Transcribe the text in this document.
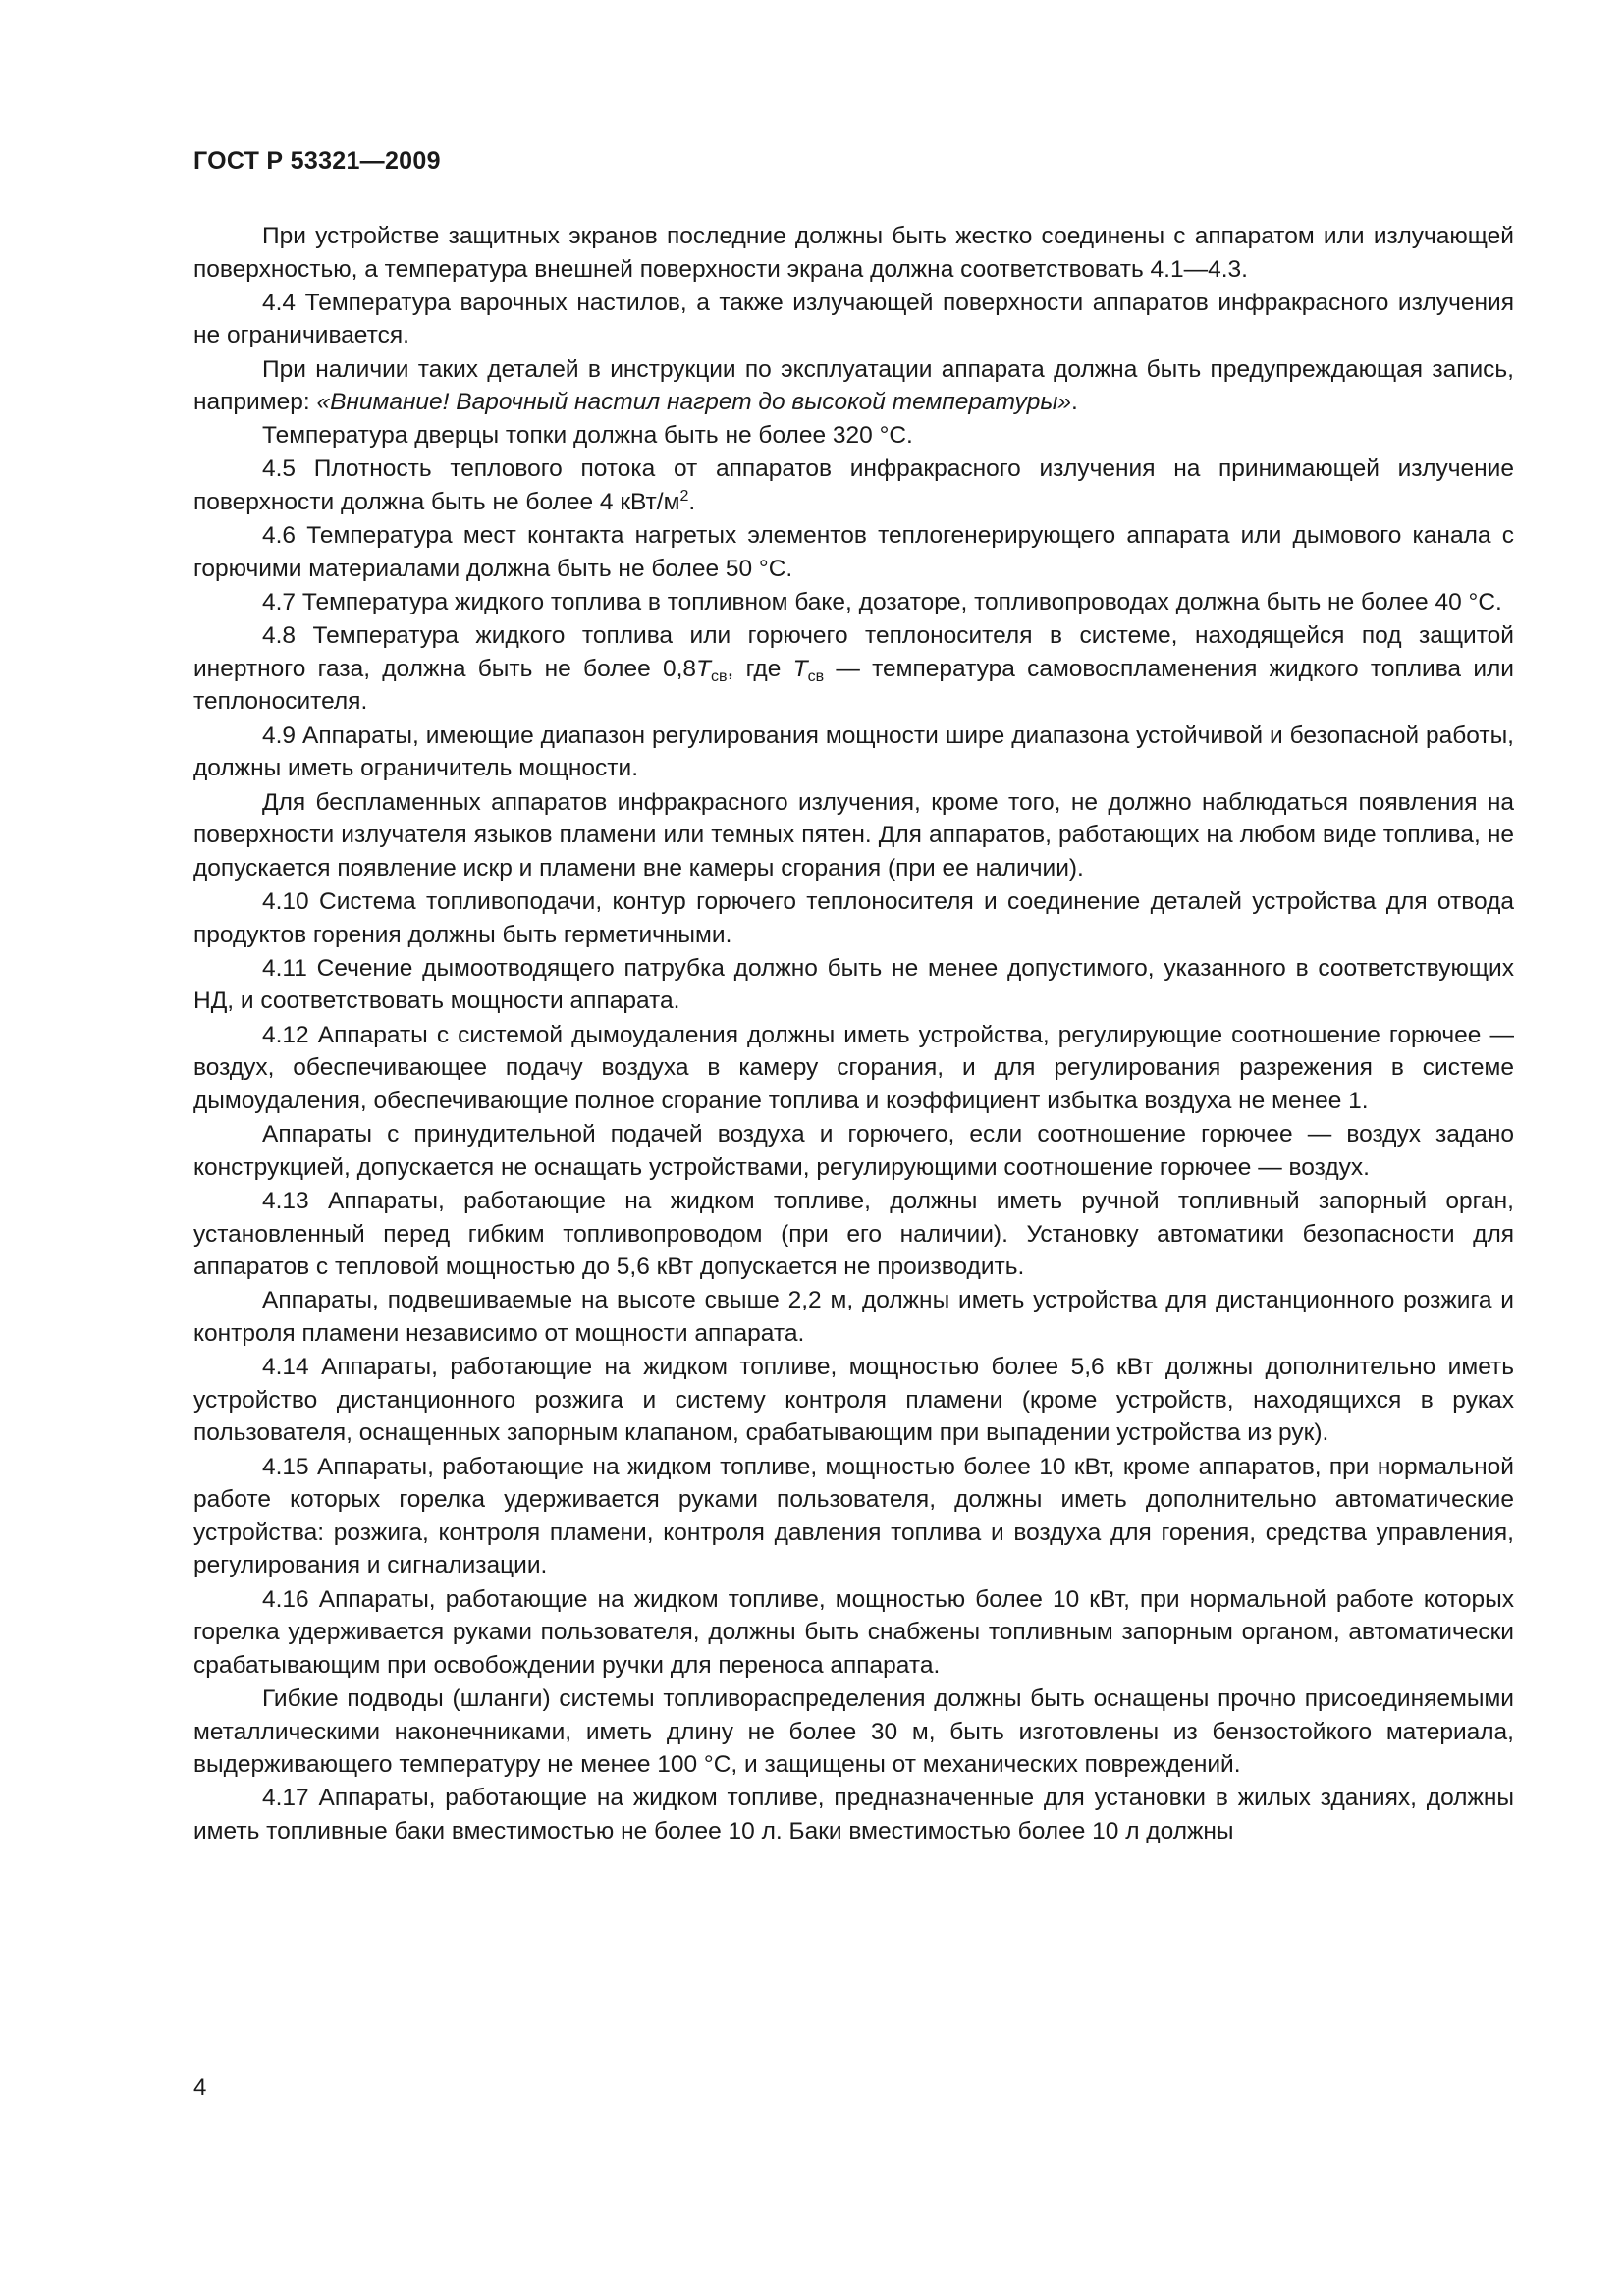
ГОСТ Р 53321—2009

При устройстве защитных экранов последние должны быть жестко соединены с аппаратом или излучающей поверхностью, а температура внешней поверхности экрана должна соответствовать 4.1—4.3.

4.4 Температура варочных настилов, а также излучающей поверхности аппаратов инфракрасного излучения не ограничивается.

При наличии таких деталей в инструкции по эксплуатации аппарата должна быть предупреждающая запись, например: «Внимание! Варочный настил нагрет до высокой температуры».

Температура дверцы топки должна быть не более 320 °С.

4.5 Плотность теплового потока от аппаратов инфракрасного излучения на принимающей излучение поверхности должна быть не более 4 кВт/$м^2$.

4.6 Температура мест контакта нагретых элементов теплогенерирующего аппарата или дымового канала с горючими материалами должна быть не более 50 °С.

4.7 Температура жидкого топлива в топливном баке, дозаторе, топливопроводах должна быть не более 40 °С.

4.8 Температура жидкого топлива или горючего теплоносителя в системе, находящейся под защитой инертного газа, должна быть не более $0,8T_{св}$, где $T_{св}$ — температура самовоспламенения жидкого топлива или теплоносителя.

4.9 Аппараты, имеющие диапазон регулирования мощности шире диапазона устойчивой и безопасной работы, должны иметь ограничитель мощности.

Для беспламенных аппаратов инфракрасного излучения, кроме того, не должно наблюдаться появления на поверхности излучателя языков пламени или темных пятен. Для аппаратов, работающих на любом виде топлива, не допускается появление искр и пламени вне камеры сгорания (при ее наличии).

4.10 Система топливоподачи, контур горючего теплоносителя и соединение деталей устройства для отвода продуктов горения должны быть герметичными.

4.11 Сечение дымоотводящего патрубка должно быть не менее допустимого, указанного в соответствующих НД, и соответствовать мощности аппарата.

4.12 Аппараты с системой дымоудаления должны иметь устройства, регулирующие соотношение горючее — воздух, обеспечивающее подачу воздуха в камеру сгорания, и для регулирования разрежения в системе дымоудаления, обеспечивающие полное сгорание топлива и коэффициент избытка воздуха не менее 1.

Аппараты с принудительной подачей воздуха и горючего, если соотношение горючее — воздух задано конструкцией, допускается не оснащать устройствами, регулирующими соотношение горючее — воздух.

4.13 Аппараты, работающие на жидком топливе, должны иметь ручной топливный запорный орган, установленный перед гибким топливопроводом (при его наличии). Установку автоматики безопасности для аппаратов с тепловой мощностью до 5,6 кВт допускается не производить.

Аппараты, подвешиваемые на высоте свыше 2,2 м, должны иметь устройства для дистанционного розжига и контроля пламени независимо от мощности аппарата.

4.14 Аппараты, работающие на жидком топливе, мощностью более 5,6 кВт должны дополнительно иметь устройство дистанционного розжига и систему контроля пламени (кроме устройств, находящихся в руках пользователя, оснащенных запорным клапаном, срабатывающим при выпадении устройства из рук).

4.15 Аппараты, работающие на жидком топливе, мощностью более 10 кВт, кроме аппаратов, при нормальной работе которых горелка удерживается руками пользователя, должны иметь дополнительно автоматические устройства: розжига, контроля пламени, контроля давления топлива и воздуха для горения, средства управления, регулирования и сигнализации.

4.16 Аппараты, работающие на жидком топливе, мощностью более 10 кВт, при нормальной работе которых горелка удерживается руками пользователя, должны быть снабжены топливным запорным органом, автоматически срабатывающим при освобождении ручки для переноса аппарата.

Гибкие подводы (шланги) системы топливораспределения должны быть оснащены прочно присоединяемыми металлическими наконечниками, иметь длину не более 30 м, быть изготовлены из бензостойкого материала, выдерживающего температуру не менее 100 °С, и защищены от механических повреждений.

4.17 Аппараты, работающие на жидком топливе, предназначенные для установки в жилых зданиях, должны иметь топливные баки вместимостью не более 10 л. Баки вместимостью более 10 л должны

4
